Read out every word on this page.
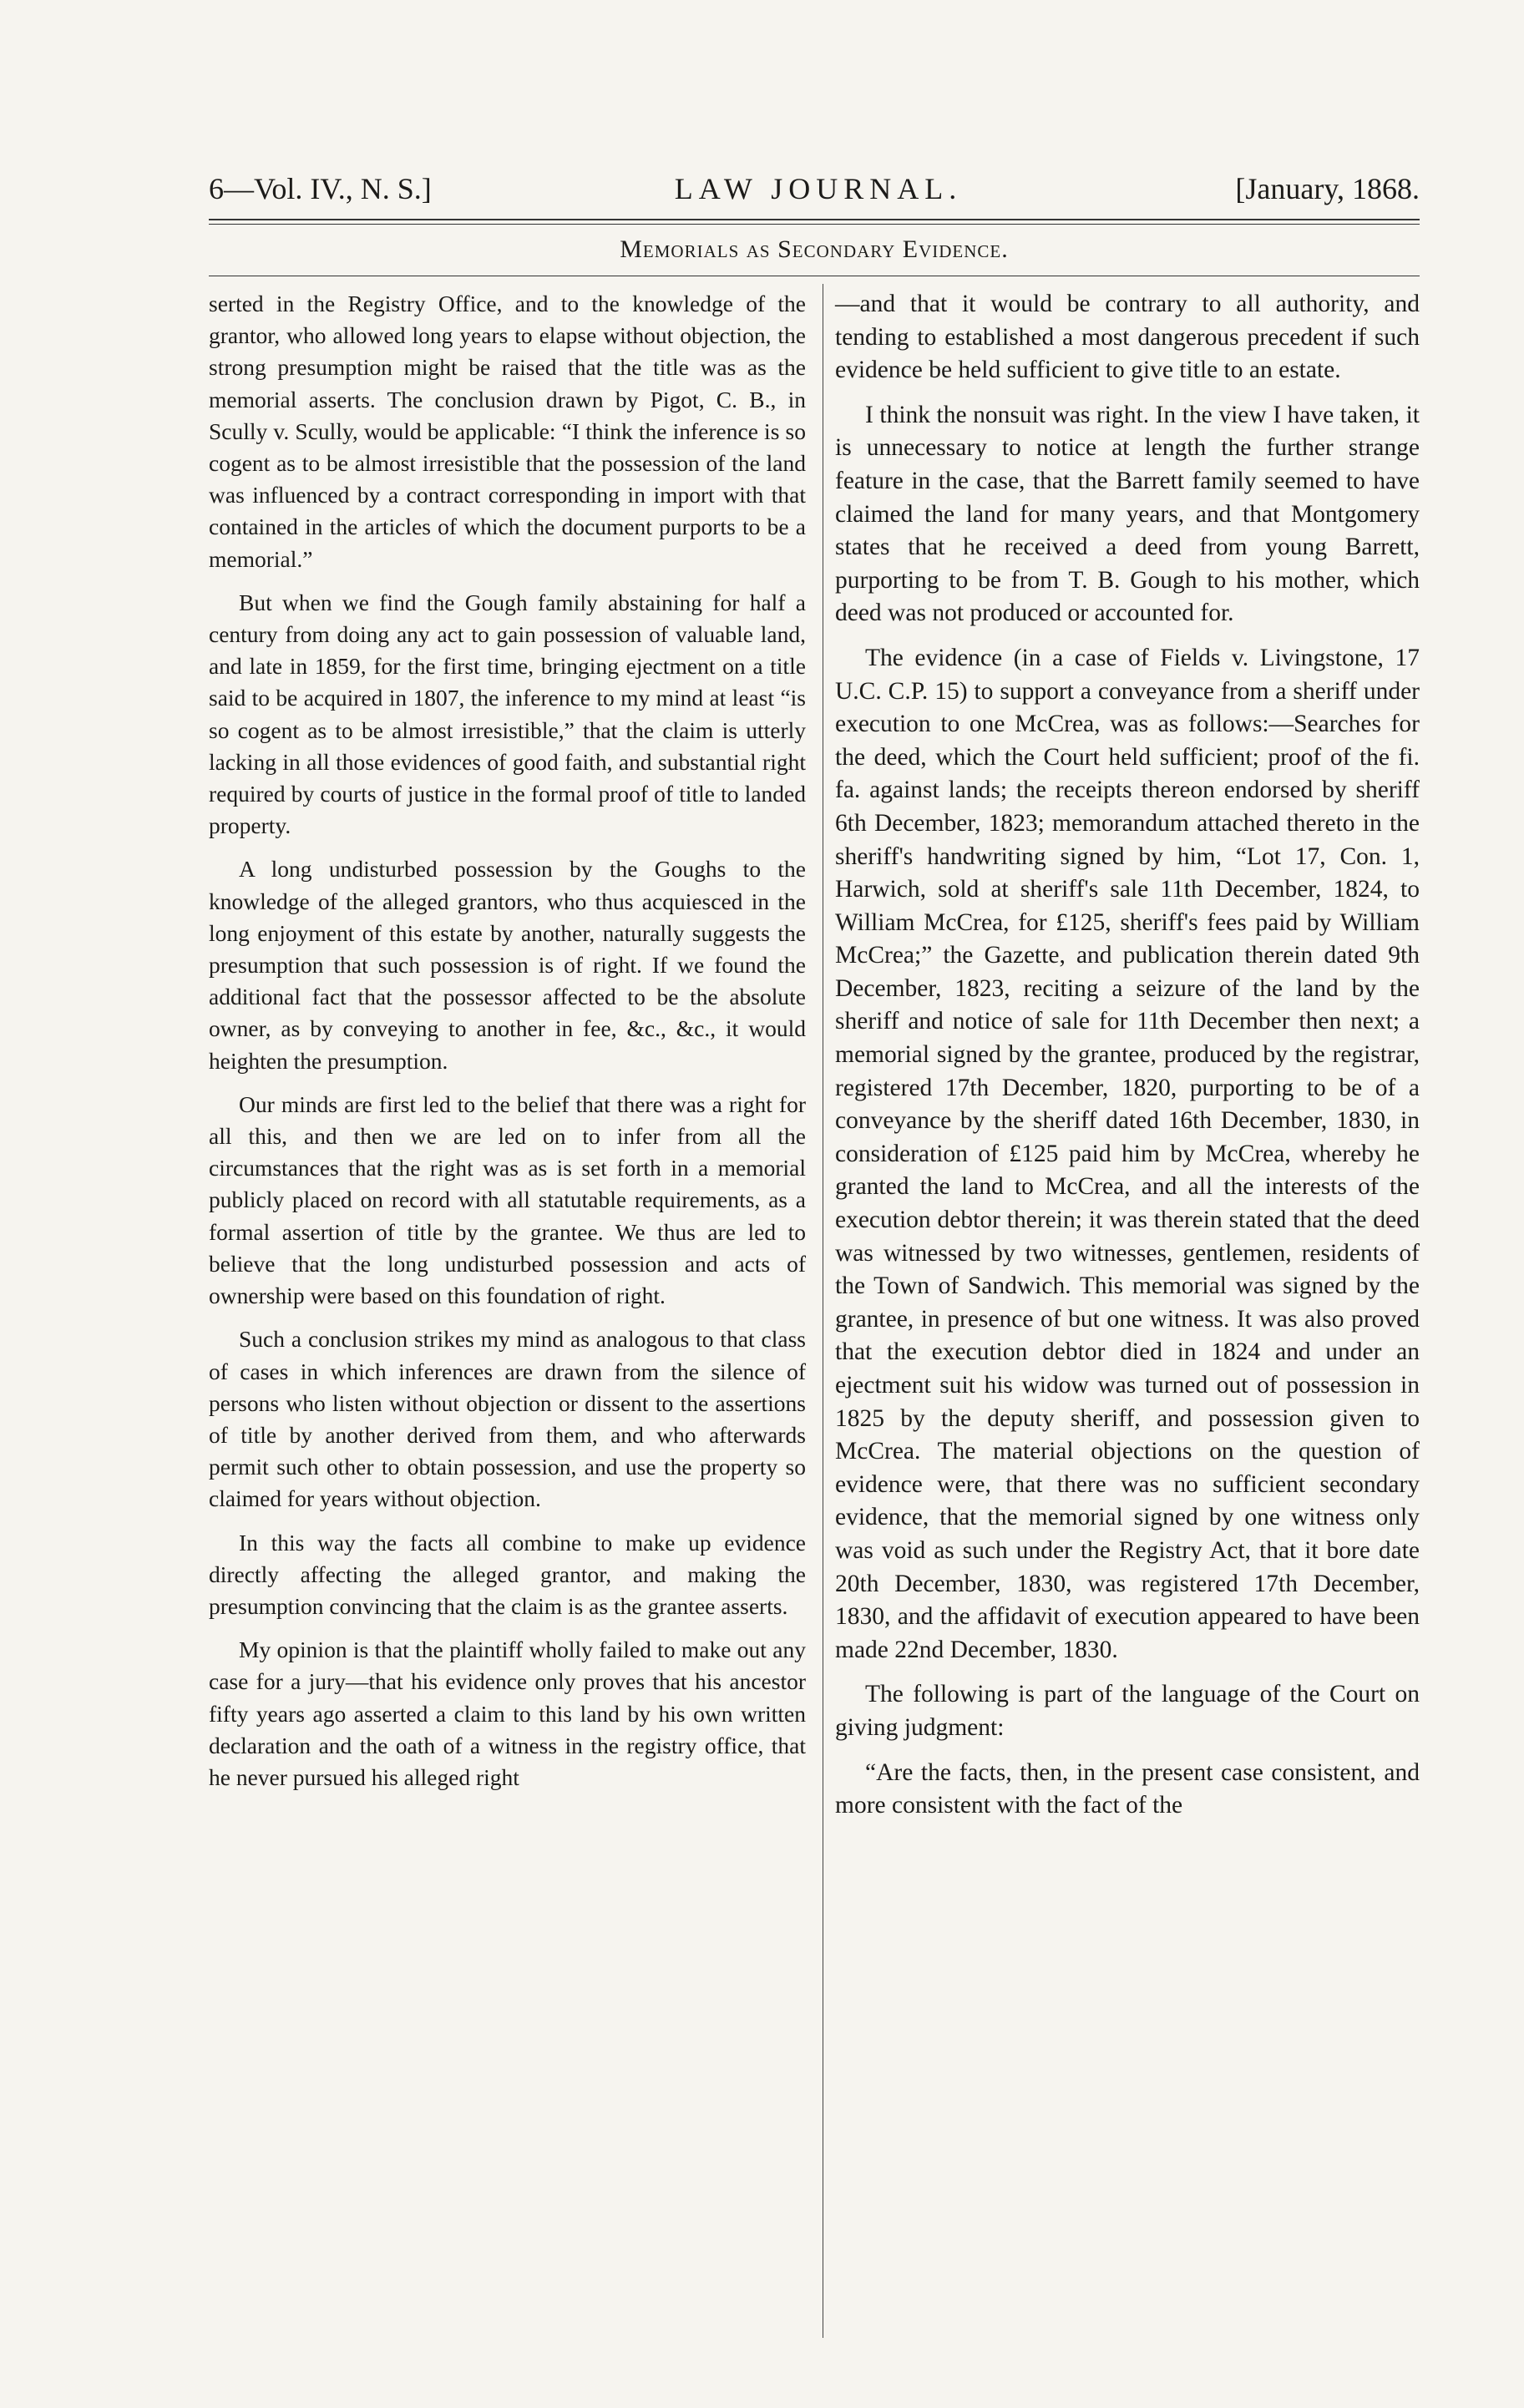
6—Vol. IV., N. S.]	LAW JOURNAL.	[January, 1868.
Memorials as Secondary Evidence.

serted in the Registry Office, and to the knowledge of the grantor, who allowed long years to elapse without objection, the strong presumption might be raised that the title was as the memorial asserts. The conclusion drawn by Pigot, C. B., in Scully v. Scully, would be applicable: “I think the inference is so cogent as to be almost irresistible that the possession of the land was influenced by a contract corresponding in import with that contained in the articles of which the document purports to be a memorial.”

But when we find the Gough family abstaining for half a century from doing any act to gain possession of valuable land, and late in 1859, for the first time, bringing ejectment on a title said to be acquired in 1807, the inference to my mind at least “is so cogent as to be almost irresistible,” that the claim is utterly lacking in all those evidences of good faith, and substantial right required by courts of justice in the formal proof of title to landed property.

A long undisturbed possession by the Goughs to the knowledge of the alleged grantors, who thus acquiesced in the long enjoyment of this estate by another, naturally suggests the presumption that such possession is of right. If we found the additional fact that the possessor affected to be the absolute owner, as by conveying to another in fee, &c., &c., it would heighten the presumption.

Our minds are first led to the belief that there was a right for all this, and then we are led on to infer from all the circumstances that the right was as is set forth in a memorial publicly placed on record with all statutable requirements, as a formal assertion of title by the grantee. We thus are led to believe that the long undisturbed possession and acts of ownership were based on this foundation of right.

Such a conclusion strikes my mind as analogous to that class of cases in which inferences are drawn from the silence of persons who listen without objection or dissent to the assertions of title by another derived from them, and who afterwards permit such other to obtain possession, and use the property so claimed for years without objection.

In this way the facts all combine to make up evidence directly affecting the alleged grantor, and making the presumption convincing that the claim is as the grantee asserts.

My opinion is that the plaintiff wholly failed to make out any case for a jury—that his evidence only proves that his ancestor fifty years ago asserted a claim to this land by his own written declaration and the oath of a witness in the registry office, that he never pursued his alleged right

—and that it would be contrary to all authority, and tending to established a most dangerous precedent if such evidence be held sufficient to give title to an estate.

I think the nonsuit was right. In the view I have taken, it is unnecessary to notice at length the further strange feature in the case, that the Barrett family seemed to have claimed the land for many years, and that Montgomery states that he received a deed from young Barrett, purporting to be from T. B. Gough to his mother, which deed was not produced or accounted for.

The evidence (in a case of Fields v. Livingstone, 17 U.C. C.P. 15) to support a conveyance from a sheriff under execution to one McCrea, was as follows:—Searches for the deed, which the Court held sufficient; proof of the fi. fa. against lands; the receipts thereon endorsed by sheriff 6th December, 1823; memorandum attached thereto in the sheriff's handwriting signed by him, “Lot 17, Con. 1, Harwich, sold at sheriff's sale 11th December, 1824, to William McCrea, for £125, sheriff's fees paid by William McCrea;” the Gazette, and publication therein dated 9th December, 1823, reciting a seizure of the land by the sheriff and notice of sale for 11th December then next; a memorial signed by the grantee, produced by the registrar, registered 17th December, 1820, purporting to be of a conveyance by the sheriff dated 16th December, 1830, in consideration of £125 paid him by McCrea, whereby he granted the land to McCrea, and all the interests of the execution debtor therein; it was therein stated that the deed was witnessed by two witnesses, gentlemen, residents of the Town of Sandwich. This memorial was signed by the grantee, in presence of but one witness. It was also proved that the execution debtor died in 1824 and under an ejectment suit his widow was turned out of possession in 1825 by the deputy sheriff, and possession given to McCrea. The material objections on the question of evidence were, that there was no sufficient secondary evidence, that the memorial signed by one witness only was void as such under the Registry Act, that it bore date 20th December, 1830, was registered 17th December, 1830, and the affidavit of execution appeared to have been made 22nd December, 1830.

The following is part of the language of the Court on giving judgment:

“Are the facts, then, in the present case consistent, and more consistent with the fact of the
